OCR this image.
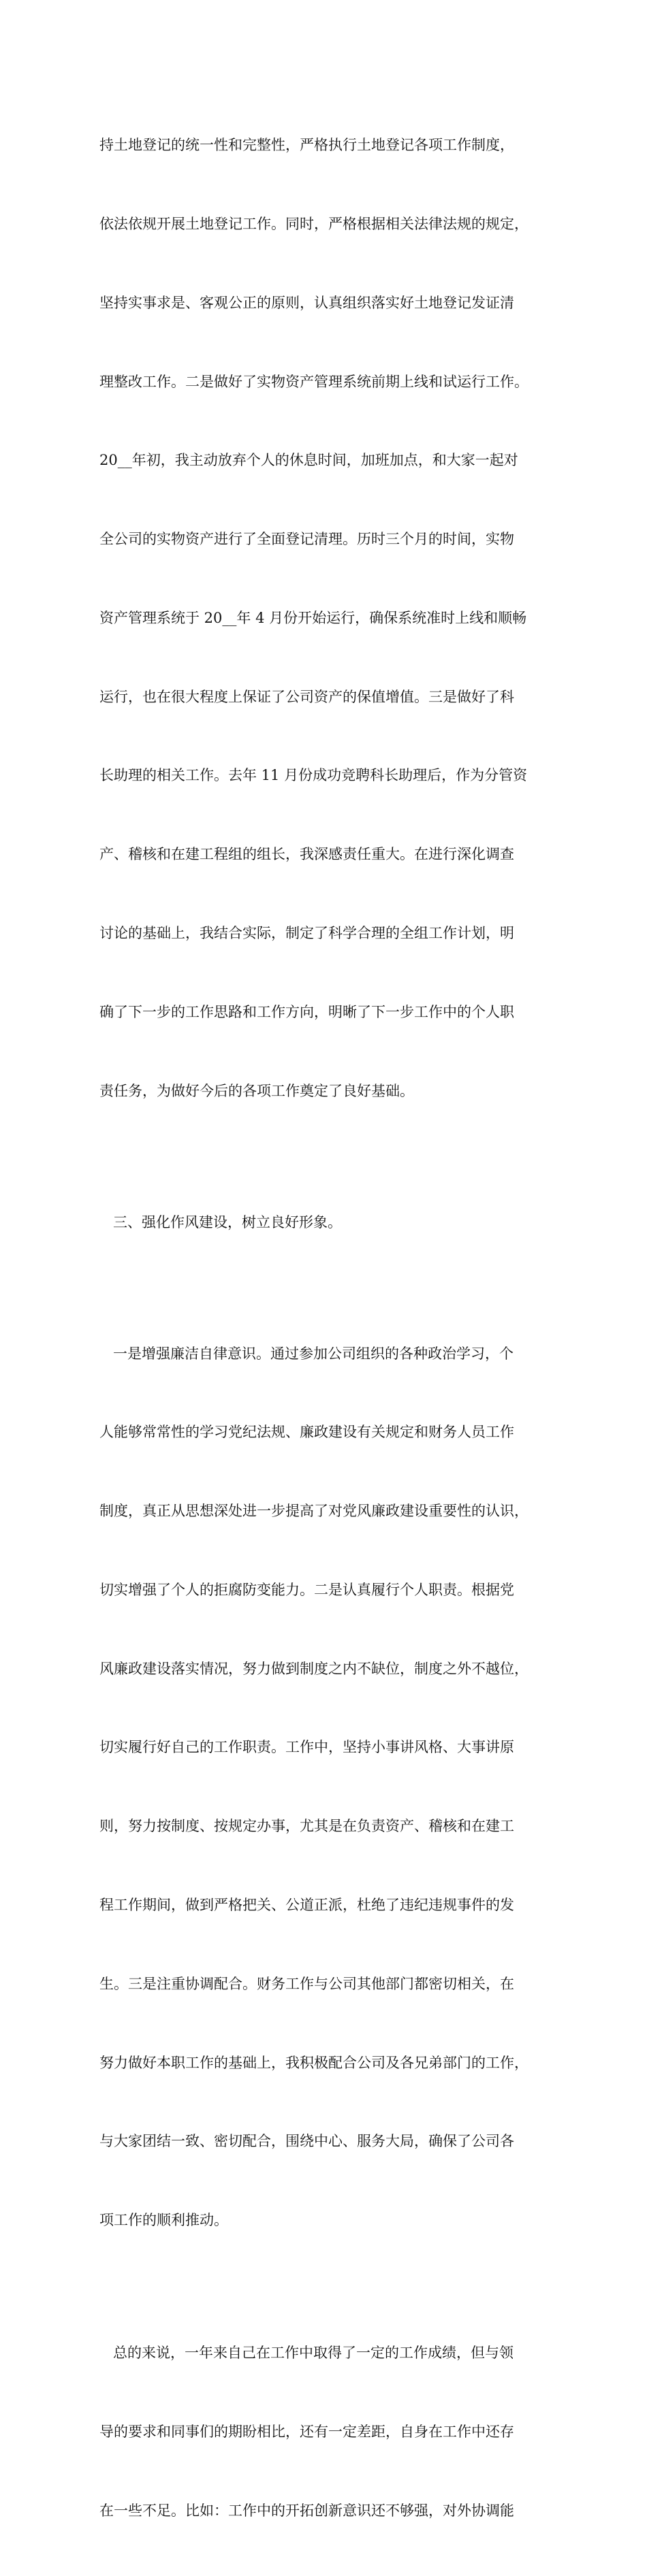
持土地登记的统一性和完整性，严格执行土地登记各项工作制度，

依法依规开展土地登记工作。同时，严格根据相关法律法规的规定，

坚持实事求是、客观公正的原则，认真组织落实好土地登记发证清

理整改工作。二是做好了实物资产管理系统前期上线和试运行工作。

20__年初，我主动放弃个人的休息时间，加班加点，和大家一起对

全公司的实物资产进行了全面登记清理。历时三个月的时间，实物

资产管理系统于 20__年 4 月份开始运行，确保系统准时上线和顺畅

运行，也在很大程度上保证了公司资产的保值增值。三是做好了科

长助理的相关工作。去年 11 月份成功竞聘科长助理后，作为分管资

产、稽核和在建工程组的组长，我深感责任重大。在进行深化调查

讨论的基础上，我结合实际，制定了科学合理的全组工作计划，明

确了下一步的工作思路和工作方向，明晰了下一步工作中的个人职

责任务，为做好今后的各项工作奠定了良好基础。

三、强化作风建设，树立良好形象。

一是增强廉洁自律意识。通过参加公司组织的各种政治学习，个

人能够常常性的学习党纪法规、廉政建设有关规定和财务人员工作

制度，真正从思想深处进一步提高了对党风廉政建设重要性的认识，

切实增强了个人的拒腐防变能力。二是认真履行个人职责。根据党

风廉政建设落实情况，努力做到制度之内不缺位，制度之外不越位，

切实履行好自己的工作职责。工作中，坚持小事讲风格、大事讲原

则，努力按制度、按规定办事，尤其是在负责资产、稽核和在建工

程工作期间，做到严格把关、公道正派，杜绝了违纪违规事件的发

生。三是注重协调配合。财务工作与公司其他部门都密切相关，在

努力做好本职工作的基础上，我积极配合公司及各兄弟部门的工作，

与大家团结一致、密切配合，围绕中心、服务大局，确保了公司各

项工作的顺利推动。

总的来说，一年来自己在工作中取得了一定的工作成绩，但与领

导的要求和同事们的期盼相比，还有一定差距，自身在工作中还存

在一些不足。比如：工作中的开拓创新意识还不够强，对外协调能
